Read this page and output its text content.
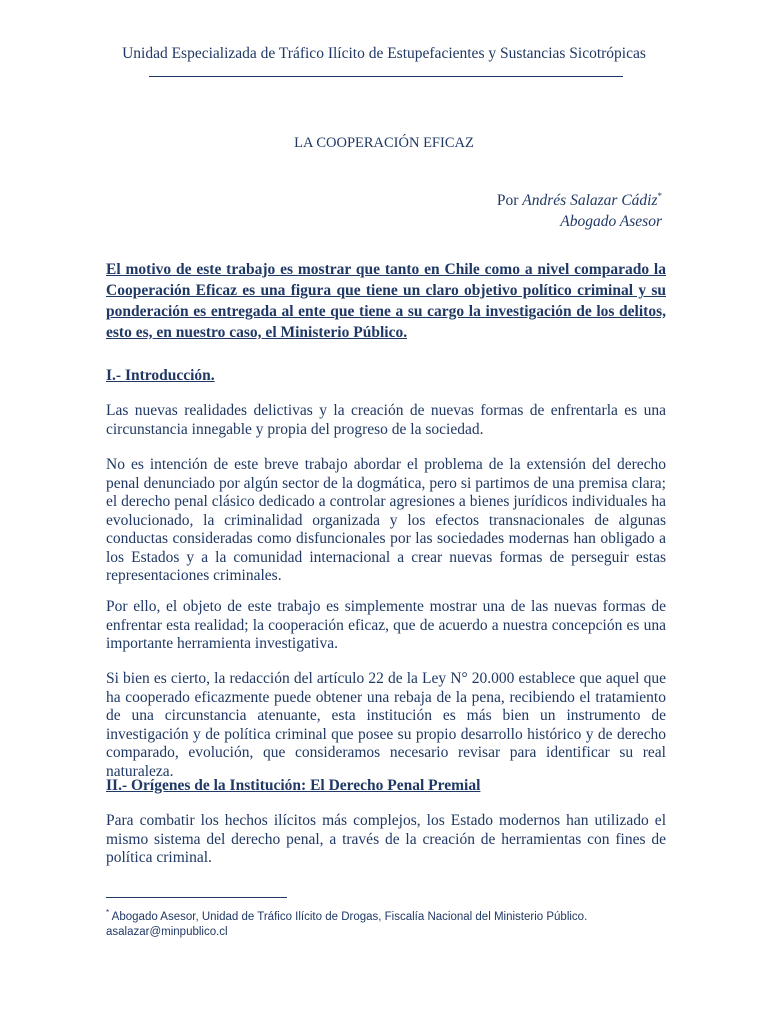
Unidad Especializada de Tráfico Ilícito de Estupefacientes y Sustancias Sicotrópicas
LA COOPERACIÓN EFICAZ
Por Andrés Salazar Cádiz*
Abogado Asesor
El motivo de este trabajo es mostrar que tanto en Chile como a nivel comparado la Cooperación Eficaz es una figura que tiene un claro objetivo político criminal y su ponderación es entregada al ente que tiene a su cargo la investigación de los delitos, esto es, en nuestro caso, el Ministerio Público.
I.- Introducción.
Las nuevas realidades delictivas y la creación de nuevas formas de enfrentarla es una circunstancia innegable y propia del progreso de la sociedad.
No es intención de este breve trabajo abordar el problema de la extensión del derecho penal denunciado por algún sector de la dogmática, pero si partimos de una premisa clara; el derecho penal clásico dedicado a controlar agresiones a bienes jurídicos individuales ha evolucionado, la criminalidad organizada y los efectos transnacionales de algunas conductas consideradas como disfuncionales por las sociedades modernas han obligado a los Estados y a la comunidad internacional a crear nuevas formas de perseguir estas representaciones criminales.
Por ello, el objeto de este trabajo es simplemente mostrar una de las nuevas formas de enfrentar esta realidad; la cooperación eficaz, que de acuerdo a nuestra concepción es una importante herramienta investigativa.
Si bien es cierto, la redacción del artículo 22 de la Ley N° 20.000 establece que aquel que ha cooperado eficazmente puede obtener una rebaja de la pena, recibiendo el tratamiento de una circunstancia atenuante, esta institución es más bien un instrumento de investigación y de política criminal que posee su propio desarrollo histórico y de derecho comparado, evolución, que consideramos necesario revisar para identificar su real naturaleza.
II.- Orígenes de la Institución: El Derecho Penal Premial
Para combatir los hechos ilícitos más complejos, los Estado modernos han utilizado el mismo sistema del derecho penal, a través de la creación de herramientas con fines de política criminal.
* Abogado Asesor, Unidad de Tráfico Ilícito de Drogas, Fiscalía Nacional del Ministerio Público.
asalazar@minpublico.cl
